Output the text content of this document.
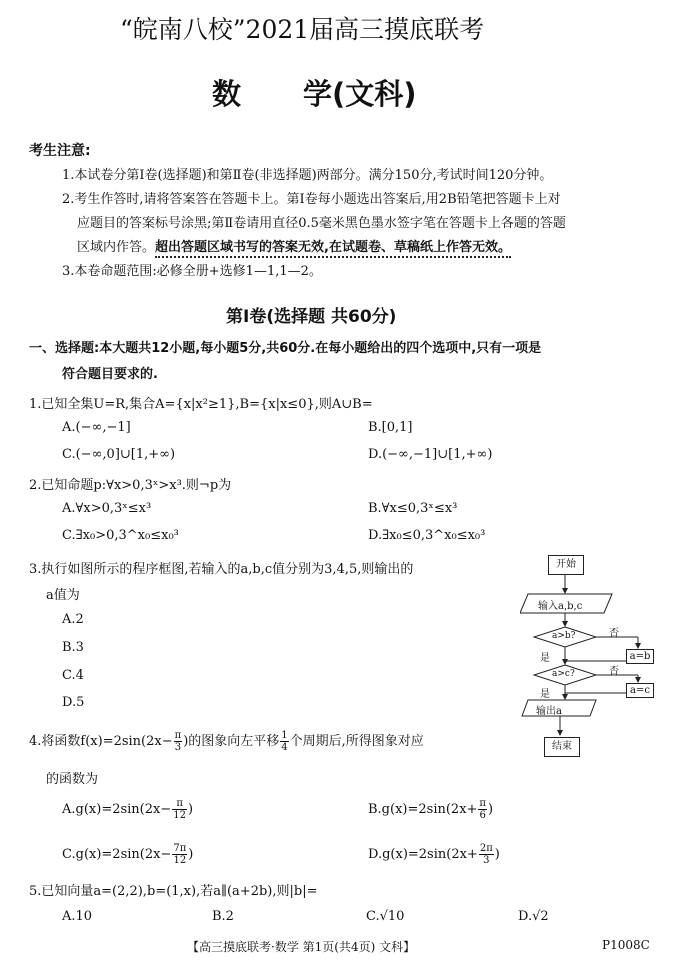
“皖南八校”2021届高三摸底联考
数 学(文科)
考生注意:
1.本试卷分第Ⅰ卷(选择题)和第Ⅱ卷(非选择题)两部分。满分150分,考试时间120分钟。
2.考生作答时,请将答案答在答题卡上。第Ⅰ卷每小题选出答案后,用2B铅笔把答题卡上对
应题目的答案标号涂黑;第Ⅱ卷请用直径0.5毫米黑色墨水签字笔在答题卡上各题的答题
区域内作答。超出答题区域书写的答案无效,在试题卷、草稿纸上作答无效。
3.本卷命题范围:必修全册+选修1—1,1—2。
第Ⅰ卷(选择题 共60分)
一、选择题:本大题共12小题,每小题5分,共60分.在每小题给出的四个选项中,只有一项是
符合题目要求的.
1.已知全集U=R,集合A={x|x²≥1},B={x|x≤0},则A∪B=
A.(−∞,−1]	B.[0,1]
C.(−∞,0]∪[1,+∞)	D.(−∞,−1]∪[1,+∞)
2.已知命题p:∀x>0,3ˣ>x³.则¬p为
A.∀x>0,3ˣ≤x³	B.∀x≤0,3ˣ≤x³
C.∃x₀>0,3^x₀≤x₀³	D.∃x₀≤0,3^x₀≤x₀³
3.执行如图所示的程序框图,若输入的a,b,c值分别为3,4,5,则输出的
a值为
A.2
B.3
C.4
D.5
开始
输入a,b,c
a>b?	否
a=b
是
a>c?	否
a=c
是
输出a
结束
4.将函数$f(x)=2\sin(2x- \frac{\pi}{3}$ )的图象向左平移 $\frac{1}{4}$ 个周期后,所得图象对应
的函数为
$A.g(x)=2\sin(2x- \frac{\pi}{12}$ )	$B.g(x)=2\sin(2x+ \frac{\pi}{6}$ )
$C.g(x)=2\sin(2x- \frac{7\pi}{12}$ )	$D.g(x)=2\sin(2x+ \frac{2\pi}{3}$ )
5.已知向量a=(2,2),b=(1,x),若a∥(a+2b),则|b|=
A.10	B.2	C.√10	D.√2
【高三摸底联考·数学 第1页(共4页) 文科】	P1008C
